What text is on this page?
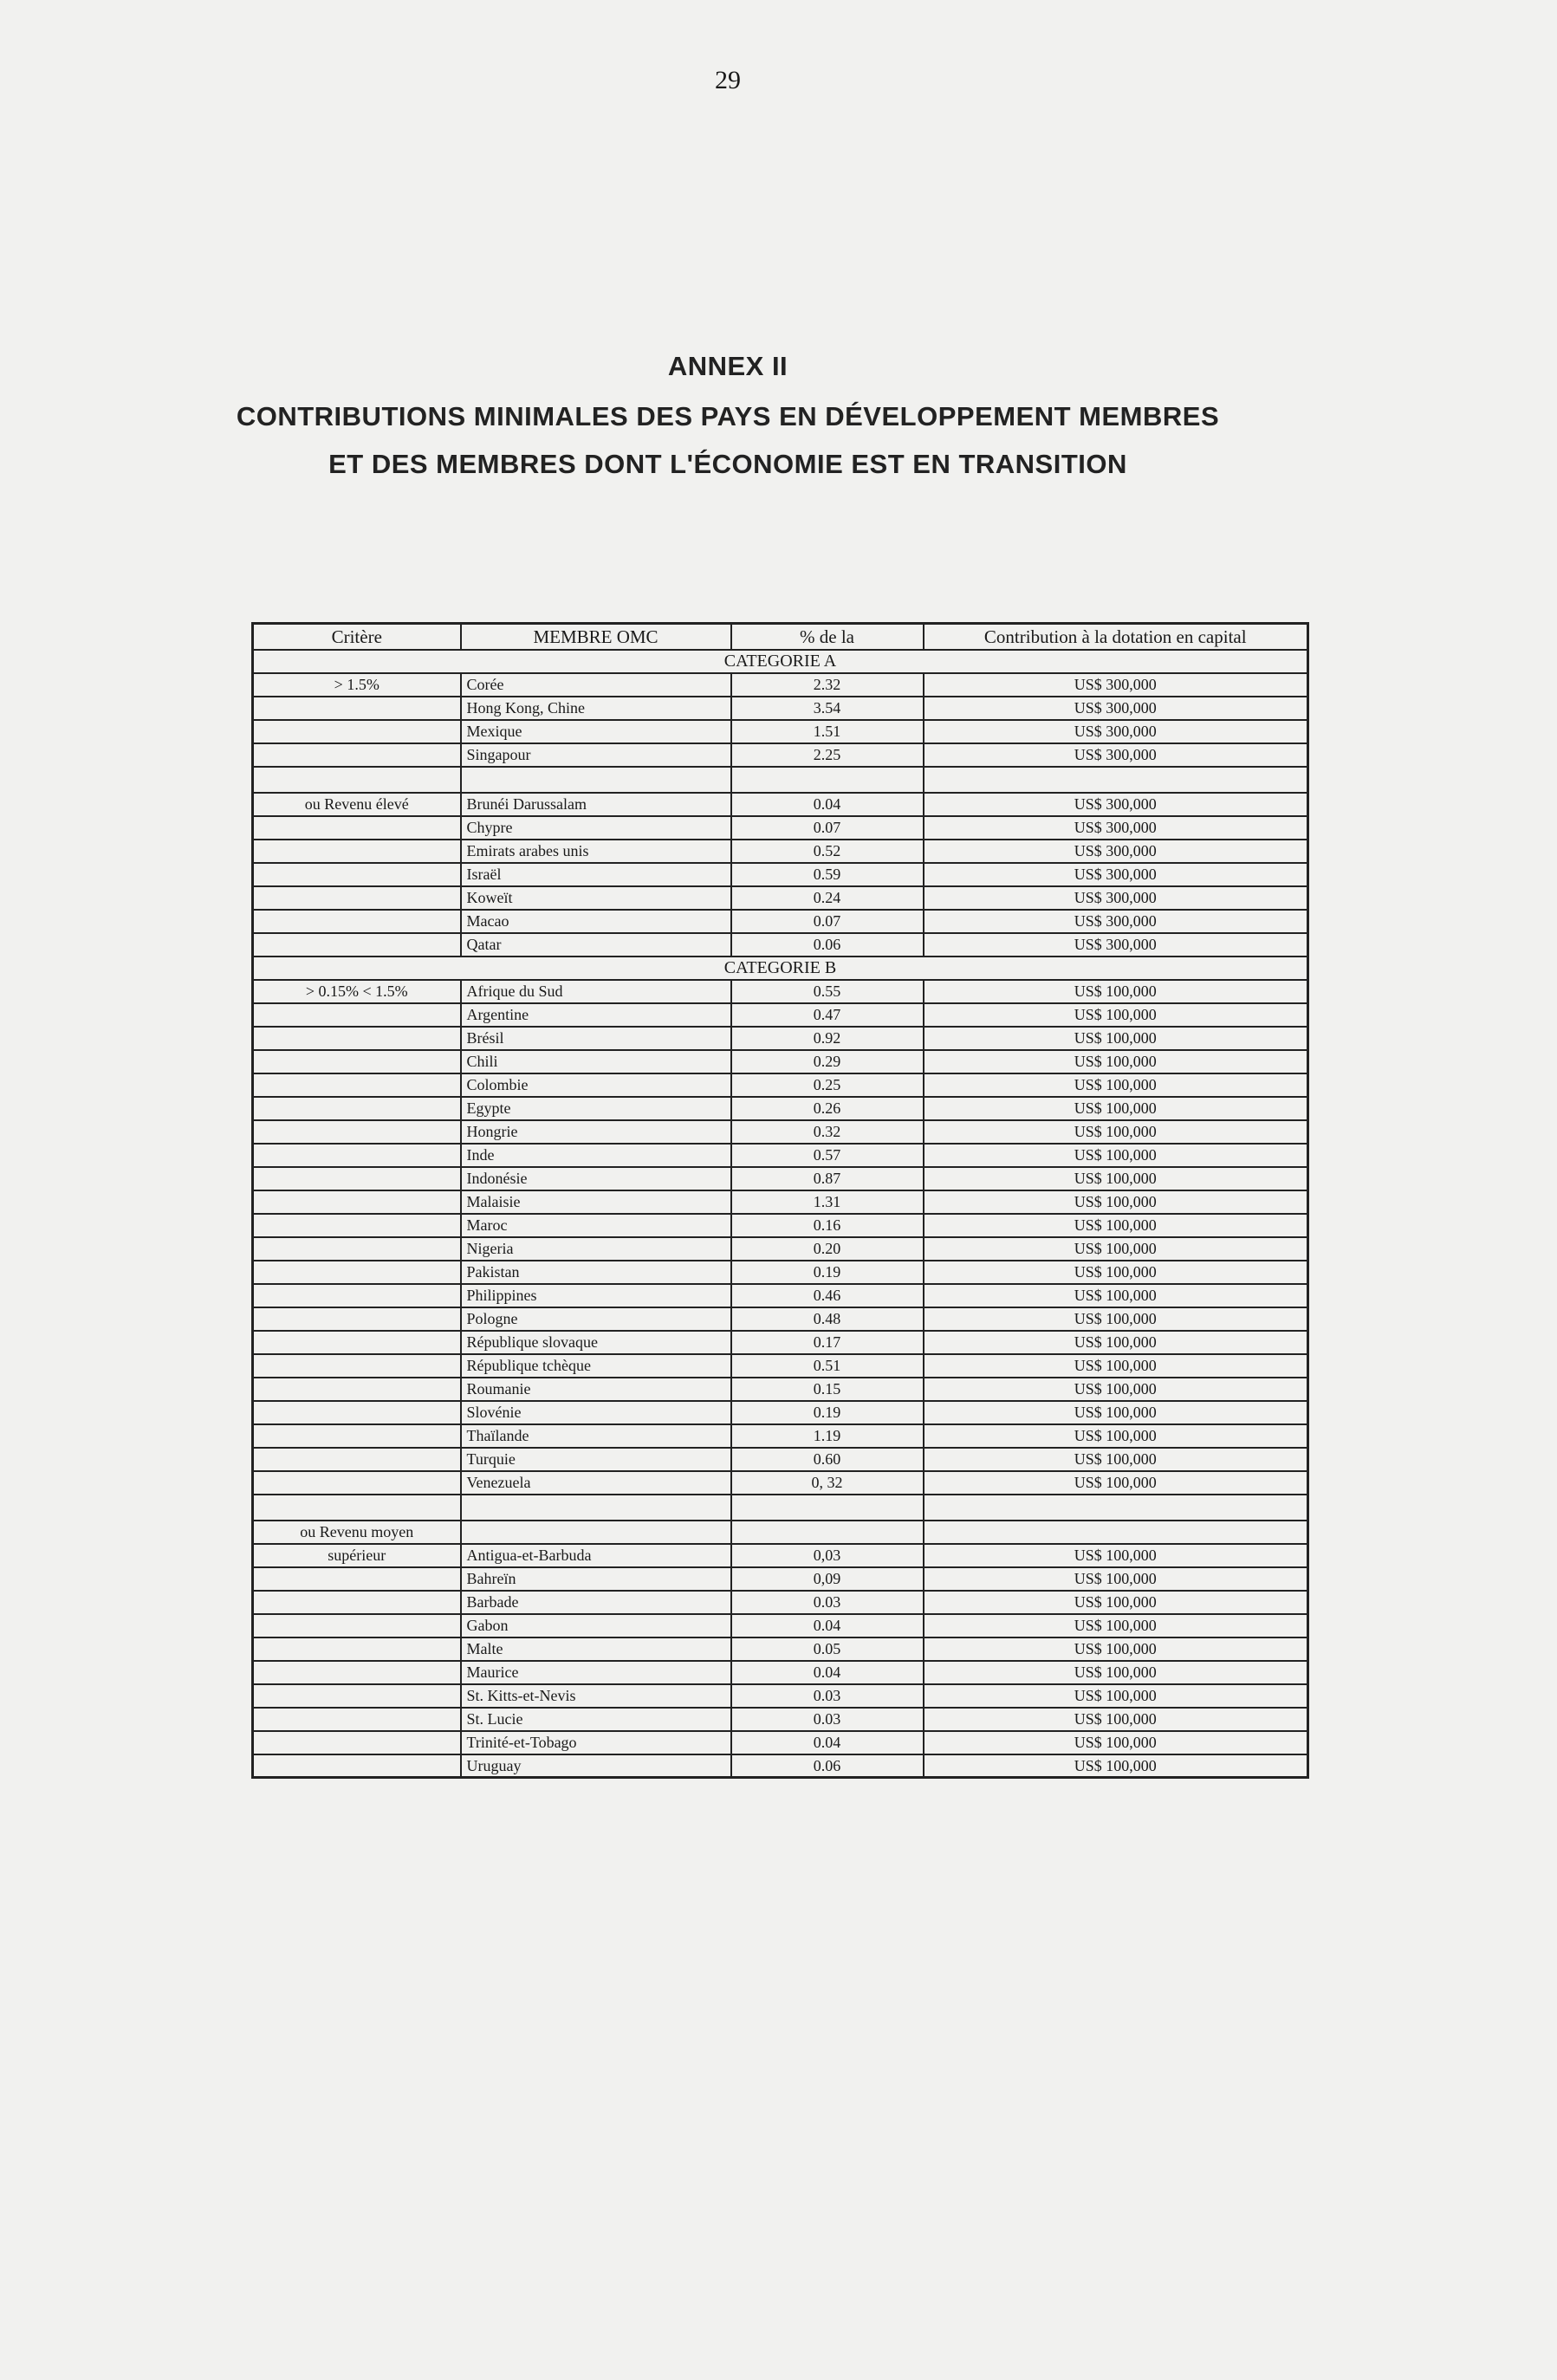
29
ANNEX II
CONTRIBUTIONS MINIMALES DES PAYS EN DÉVELOPPEMENT MEMBRES
ET DES MEMBRES DONT L'ÉCONOMIE EST EN TRANSITION
Critère	MEMBRE OMC	% de la	Contribution à la dotation en capital
CATEGORIE A			
> 1.5%	Corée	2.32	US$ 300,000
	Hong Kong, Chine	3.54	US$ 300,000
	Mexique	1.51	US$ 300,000
	Singapour	2.25	US$ 300,000

ou Revenu élevé	Brunéi Darussalam	0.04	US$ 300,000
	Chypre	0.07	US$ 300,000
	Emirats arabes unis	0.52	US$ 300,000
	Israël	0.59	US$ 300,000
	Koweït	0.24	US$ 300,000
	Macao	0.07	US$ 300,000
	Qatar	0.06	US$ 300,000
CATEGORIE B			
> 0.15% < 1.5%	Afrique du Sud	0.55	US$ 100,000
	Argentine	0.47	US$ 100,000
	Brésil	0.92	US$ 100,000
	Chili	0.29	US$ 100,000
	Colombie	0.25	US$ 100,000
	Egypte	0.26	US$ 100,000
	Hongrie	0.32	US$ 100,000
	Inde	0.57	US$ 100,000
	Indonésie	0.87	US$ 100,000
	Malaisie	1.31	US$ 100,000
	Maroc	0.16	US$ 100,000
	Nigeria	0.20	US$ 100,000
	Pakistan	0.19	US$ 100,000
	Philippines	0.46	US$ 100,000
	Pologne	0.48	US$ 100,000
	République slovaque	0.17	US$ 100,000
	République tchèque	0.51	US$ 100,000
	Roumanie	0.15	US$ 100,000
	Slovénie	0.19	US$ 100,000
	Thaïlande	1.19	US$ 100,000
	Turquie	0.60	US$ 100,000
	Venezuela	0, 32	US$ 100,000

ou Revenu moyen			
supérieur	Antigua-et-Barbuda	0,03	US$ 100,000
	Bahreïn	0,09	US$ 100,000
	Barbade	0.03	US$ 100,000
	Gabon	0.04	US$ 100,000
	Malte	0.05	US$ 100,000
	Maurice	0.04	US$ 100,000
	St. Kitts-et-Nevis	0.03	US$ 100,000
	St. Lucie	0.03	US$ 100,000
	Trinité-et-Tobago	0.04	US$ 100,000
	Uruguay	0.06	US$ 100,000
